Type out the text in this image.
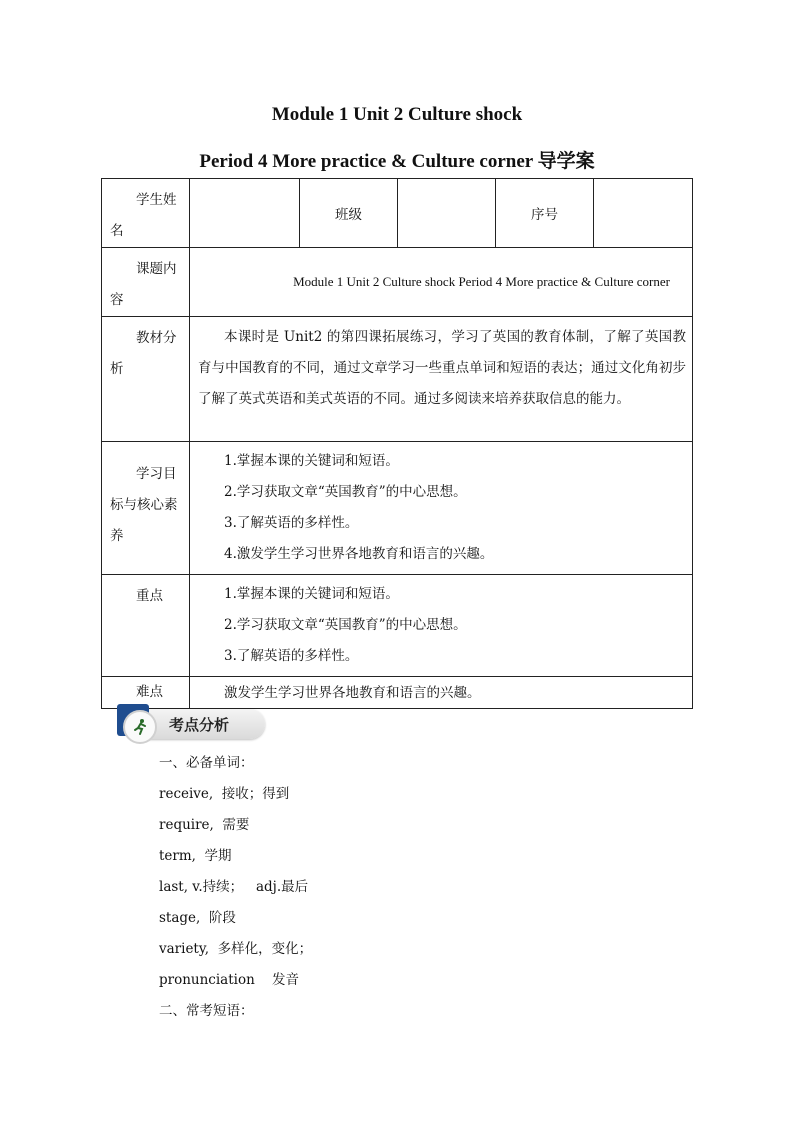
Module 1 Unit 2 Culture shock
Period 4 More practice & Culture corner 导学案
学生姓名		班级		序号	

课题内容	Module 1 Unit 2 Culture shock Period 4 More practice & Culture corner				

教材分析	本课时是 Unit2 的第四课拓展练习，学习了英国的教育体制，了解了英国教育与中国教育的不同，通过文章学习一些重点单词和短语的表达；通过文化角初步了解了英式英语和美式英语的不同。通过多阅读来培养获取信息的能力。				

学习目标与核心素养	1.掌握本课的关键词和短语。
2.学习获取文章“英国教育”的中心思想。
3.了解英语的多样性。
4.激发学生学习世界各地教育和语言的兴趣。				

重点	1.掌握本课的关键词和短语。
2.学习获取文章“英国教育”的中心思想。
3.了解英语的多样性。				

难点	激发学生学习世界各地教育和语言的兴趣。				
考点分析
一、必备单词：
receive,  接收；得到
require,  需要
term,  学期
last, v.持续；   adj.最后
stage,  阶段
variety,  多样化，变化；
pronunciation    发音
二、常考短语：
